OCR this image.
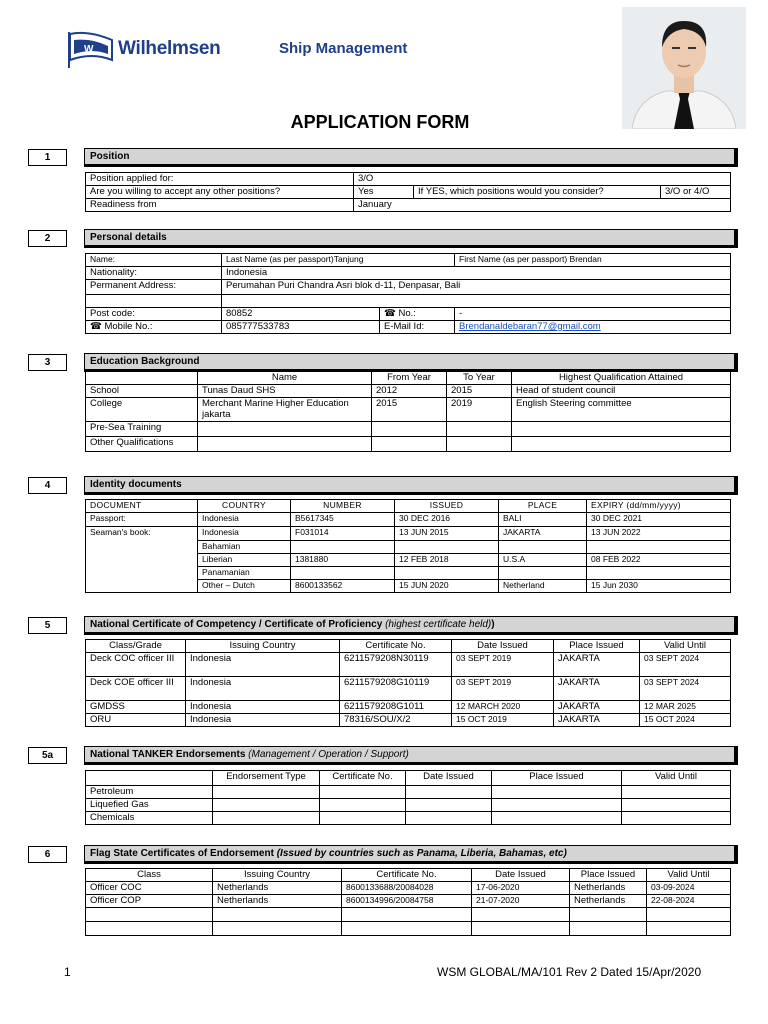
W Wilhelmsen	Ship Management
APPLICATION FORM
1	Position
Position applied for:	3/O		
Are you willing to accept any other positions?	Yes	If YES, which positions would you consider?	3/O or 4/O
Readiness from	January		
2	Personal details
Name:	Last Name (as per passport)Tanjung		First Name (as per passport) Brendan
Nationality:	Indonesia		
Permanent Address:	Perumahan Puri Chandra Asri blok d-11, Denpasar, Bali		

Post code:	80852	☎ No.:	-
☎ Mobile No.:	085777533783	E-Mail Id:	Brendanaldebaran77@gmail.com
3	Education Background
	Name	From Year	To Year	Highest Qualification Attained
School	Tunas Daud SHS	2012	2015	Head of student council
College	Merchant Marine Higher Education jakarta	2015	2019	English Steering committee
Pre-Sea Training				
Other Qualifications				
4	Identity documents
DOCUMENT	COUNTRY	NUMBER	ISSUED	PLACE	EXPIRY (dd/mm/yyyy)
Passport:	Indonesia	B5617345	30 DEC 2016	BALI	30 DEC 2021
Seaman's book:	Indonesia	F031014	13 JUN 2015	JAKARTA	13 JUN 2022
	Bahamian				
	Liberian	1381880	12 FEB 2018	U.S.A	08 FEB 2022
	Panamanian				
	Other – Dutch	8600133562	15 JUN 2020	Netherland	15 Jun 2030
5	National Certificate of Competency / Certificate of Proficiency (highest certificate held))
Class/Grade	Issuing Country	Certificate No.	Date Issued	Place Issued	Valid Until
Deck COC officer III	Indonesia	6211579208N30119	03 SEPT 2019	JAKARTA	03 SEPT 2024
Deck COE officer III	Indonesia	6211579208G10119	03 SEPT 2019	JAKARTA	03 SEPT 2024
GMDSS	Indonesia	6211579208G1011	12 MARCH 2020	JAKARTA	12 MAR 2025
ORU	Indonesia	78316/SOU/X/2	15 OCT 2019	JAKARTA	15 OCT 2024
5a	National TANKER Endorsements (Management / Operation / Support)
	Endorsement Type	Certificate No.	Date Issued	Place Issued	Valid Until
Petroleum					
Liquefied Gas					
Chemicals					
6	Flag State Certificates of Endorsement (Issued by countries such as Panama, Liberia, Bahamas, etc)
Class	Issuing Country	Certificate No.	Date Issued	Place Issued	Valid Until
Officer COC	Netherlands	8600133688/20084028	17-06-2020	Netherlands	03-09-2024
Officer COP	Netherlands	8600134996/20084758	21-07-2020	Netherlands	22-08-2024

1	WSM GLOBAL/MA/101 Rev 2 Dated 15/Apr/2020
